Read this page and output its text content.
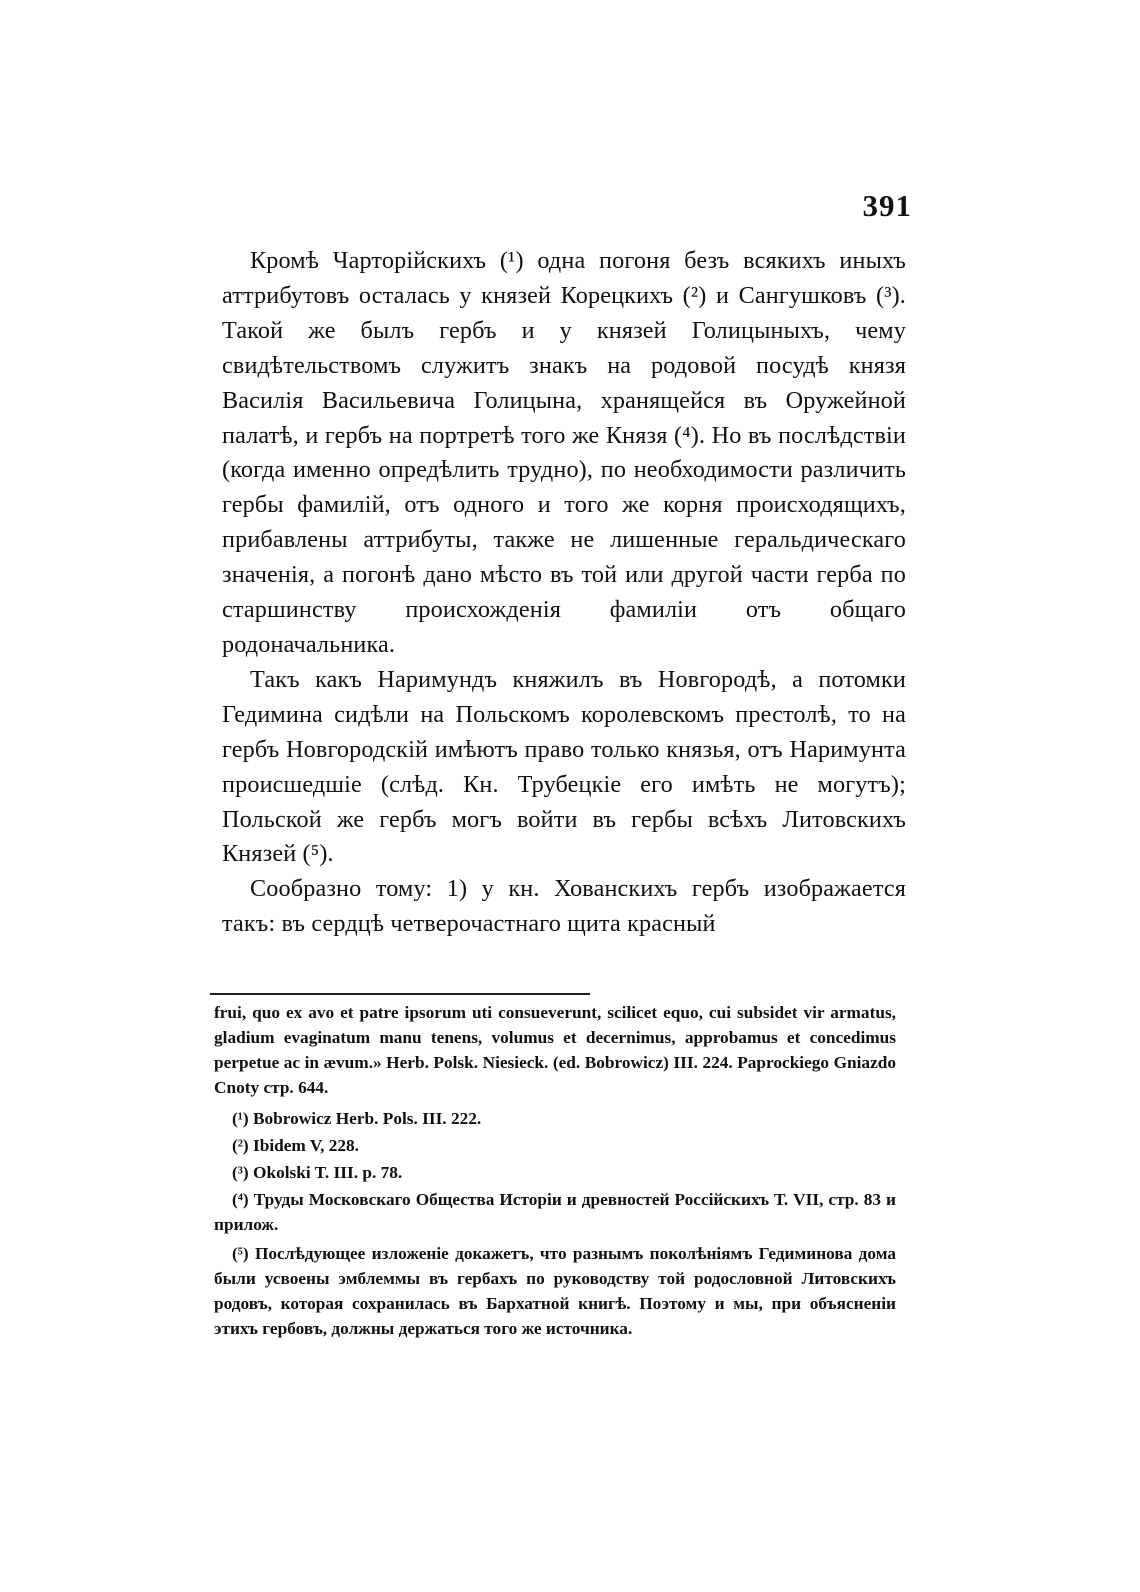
391

Кромѣ Чарторiйскихъ (¹) одна погоня безъ всякихъ иныхъ аттрибутовъ осталась у князей Корецкихъ (²) и Сангушковъ (³). Такой же былъ гербъ и у князей Голицыныхъ, чему свидѣтельствомъ служитъ знакъ на родовой посудѣ князя Василiя Васильевича Голицына, хранящейся въ Оружейной палатѣ, и гербъ на портретѣ того же Князя (⁴). Но въ послѣдствiи (когда именно опредѣлить трудно), по необходимости различить гербы фамилiй, отъ одного и того же корня происходящихъ, прибавлены аттрибуты, также не лишенные геральдическаго значенiя, а погонѣ дано мѣсто въ той или другой части герба по старшинству происхожденiя фамилiи отъ общаго родоначальника.

Такъ какъ Наримундъ княжилъ въ Новгородѣ, а потомки Гедимина сидѣли на Польскомъ королевскомъ престолѣ, то на гербъ Новгородскiй имѣютъ право только князья, отъ Наримунта происшедшiе (слѣд. Кн. Трубецкiе его имѣть не могутъ); Польской же гербъ могъ войти въ гербы всѣхъ Литовскихъ Князей (⁵).

Сообразно тому: 1) у кн. Хованскихъ гербъ изображается такъ: въ сердцѣ четверочастнаго щита красный

frui, quo ex avo et patre ipsorum uti consueverunt, scilicet equo, cui subsidet vir armatus, gladium evaginatum manu tenens, volumus et decernimus, approbamus et concedimus perpetue ac in ævum.» Herb. Polsk. Niesieck. (ed. Bobrowicz) III. 224. Paprockiego Gniazdo Cnoty стр. 644.

(¹) Bobrowicz Herb. Pols. III. 222.

(²) Ibidem V, 228.

(³) Okolski T. III. p. 78.

(⁴) Труды Московскаго Общества Исторiи и древностей Россiйскихъ Т. VII, стр. 83 и прилож.

(⁵) Послѣдующее изложенiе докажетъ, что разнымъ поколѣнiямъ Гедиминова дома были усвоены эмблеммы въ гербахъ по руководству той родословной Литовскихъ родовъ, которая сохранилась въ Бархатной книгѣ. Поэтому и мы, при объясненiи этихъ гербовъ, должны держаться того же источника.
